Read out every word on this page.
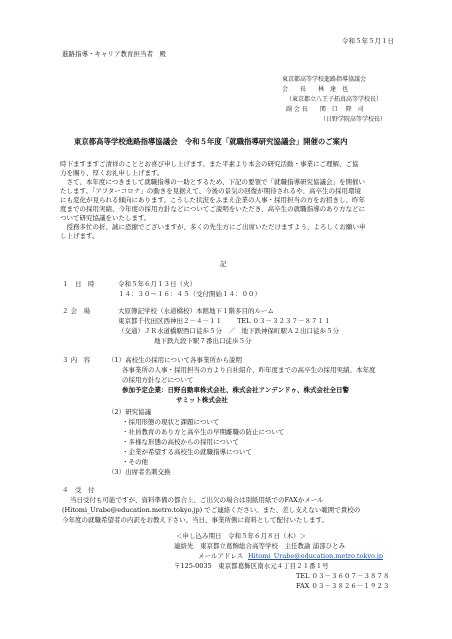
令和５年５月１日
進路指導・キャリア教育担当者　殿
東京都高等学校進路指導協議会
会　　長　　林　達　也
（東京都立八王子拓真高等学校長）
副 会 長　　関　口　 降　司
（日野学院高等学校長）
東京都高等学校進路指導協議会　令和５年度「就職指導研究協議会」開催のご案内
時下ますますご清祥のこととお喜び申し上げます。また平素より本会の研究活動・事業にご理解、ご協
力を賜り、厚くお礼申し上げます。
　さて、本年度につきまして就職指導の一助とするため、下記の要領で「就職指導研究協議会」を開催い
たします。「アフターコロナ」の動きを見据えて、今後の景気の回復が期待されるや、高卒生の採用環境
にも変化が見られる傾向にあります。こうした状況をふまえ企業の人事・採用担当の方をお招きし、昨年
度までの採用実績、今年度の採用方針などについてご説明をいただき、高卒生の就職指導のあり方などに
ついて研究協議をいたします。
　授務多忙の折、誠に恐縮でございますが、多くの先生方にご出席いただけますよう、よろしくお願い申
し上げます。
記
１　日　時	令和５年６月１３日（火）
１４：３０〜１６：４５（受付開始１４：００）
２ 会　場	大原簿記学校（水道橋校）本館地下１階多目的ルーム
東京都千代田区西神田２－４－１１　　 TEL ０３－３２３７－８７１１
（交通）ＪＲ水道橋駅西口徒歩５分　／　地下鉄神保町駅Ａ２出口徒歩５分
地下鉄九段下駅７番出口徒歩５分
３ 内　容	（1）高校生の採用について各事業所から説明
各事業所の人事・採用担当の方より自社紹介、昨年度までの高卒生の採用実績、本年度
の採用方針などについて
参加予定企業：日野自動車株式会社、株式会社アンデンドゥ、株式会社全日警
サミット株式会社
（2）研究協議
・採用形態の現状と課題について
・社員教育のあり方と高卒生の早期離職の防止について
・多様な形態の高校からの採用について
・企業が希望する高校生の就職指導について
・その他
（3）出席者名刺交換
４　受　付
当日受付も可能ですが、資料準備の都合上、ご出欠の場合は別紙用紙でのFAXかメール
(Hitomi_Urabe@education.metro.tokyo.jp) でご連絡ください。また、差し支えない範囲で貴校の
今年度の就職希望者の内訳をお教え下さい。当日、事業所側に資料として配付いたします。
＜申し込み期日　令和５年６月８日（木）＞
連絡先　東京都立葛飾総合高等学校　主任教諭 浦部ひとみ
メールアドレス Hitomi_Urabe@education.metro.tokyo.jp
〒125-0035　東京都葛飾区南水元４丁目２１番１号
TEL ０３－３６０７－３８７８
FAX ０３－３８２６－１９２３
